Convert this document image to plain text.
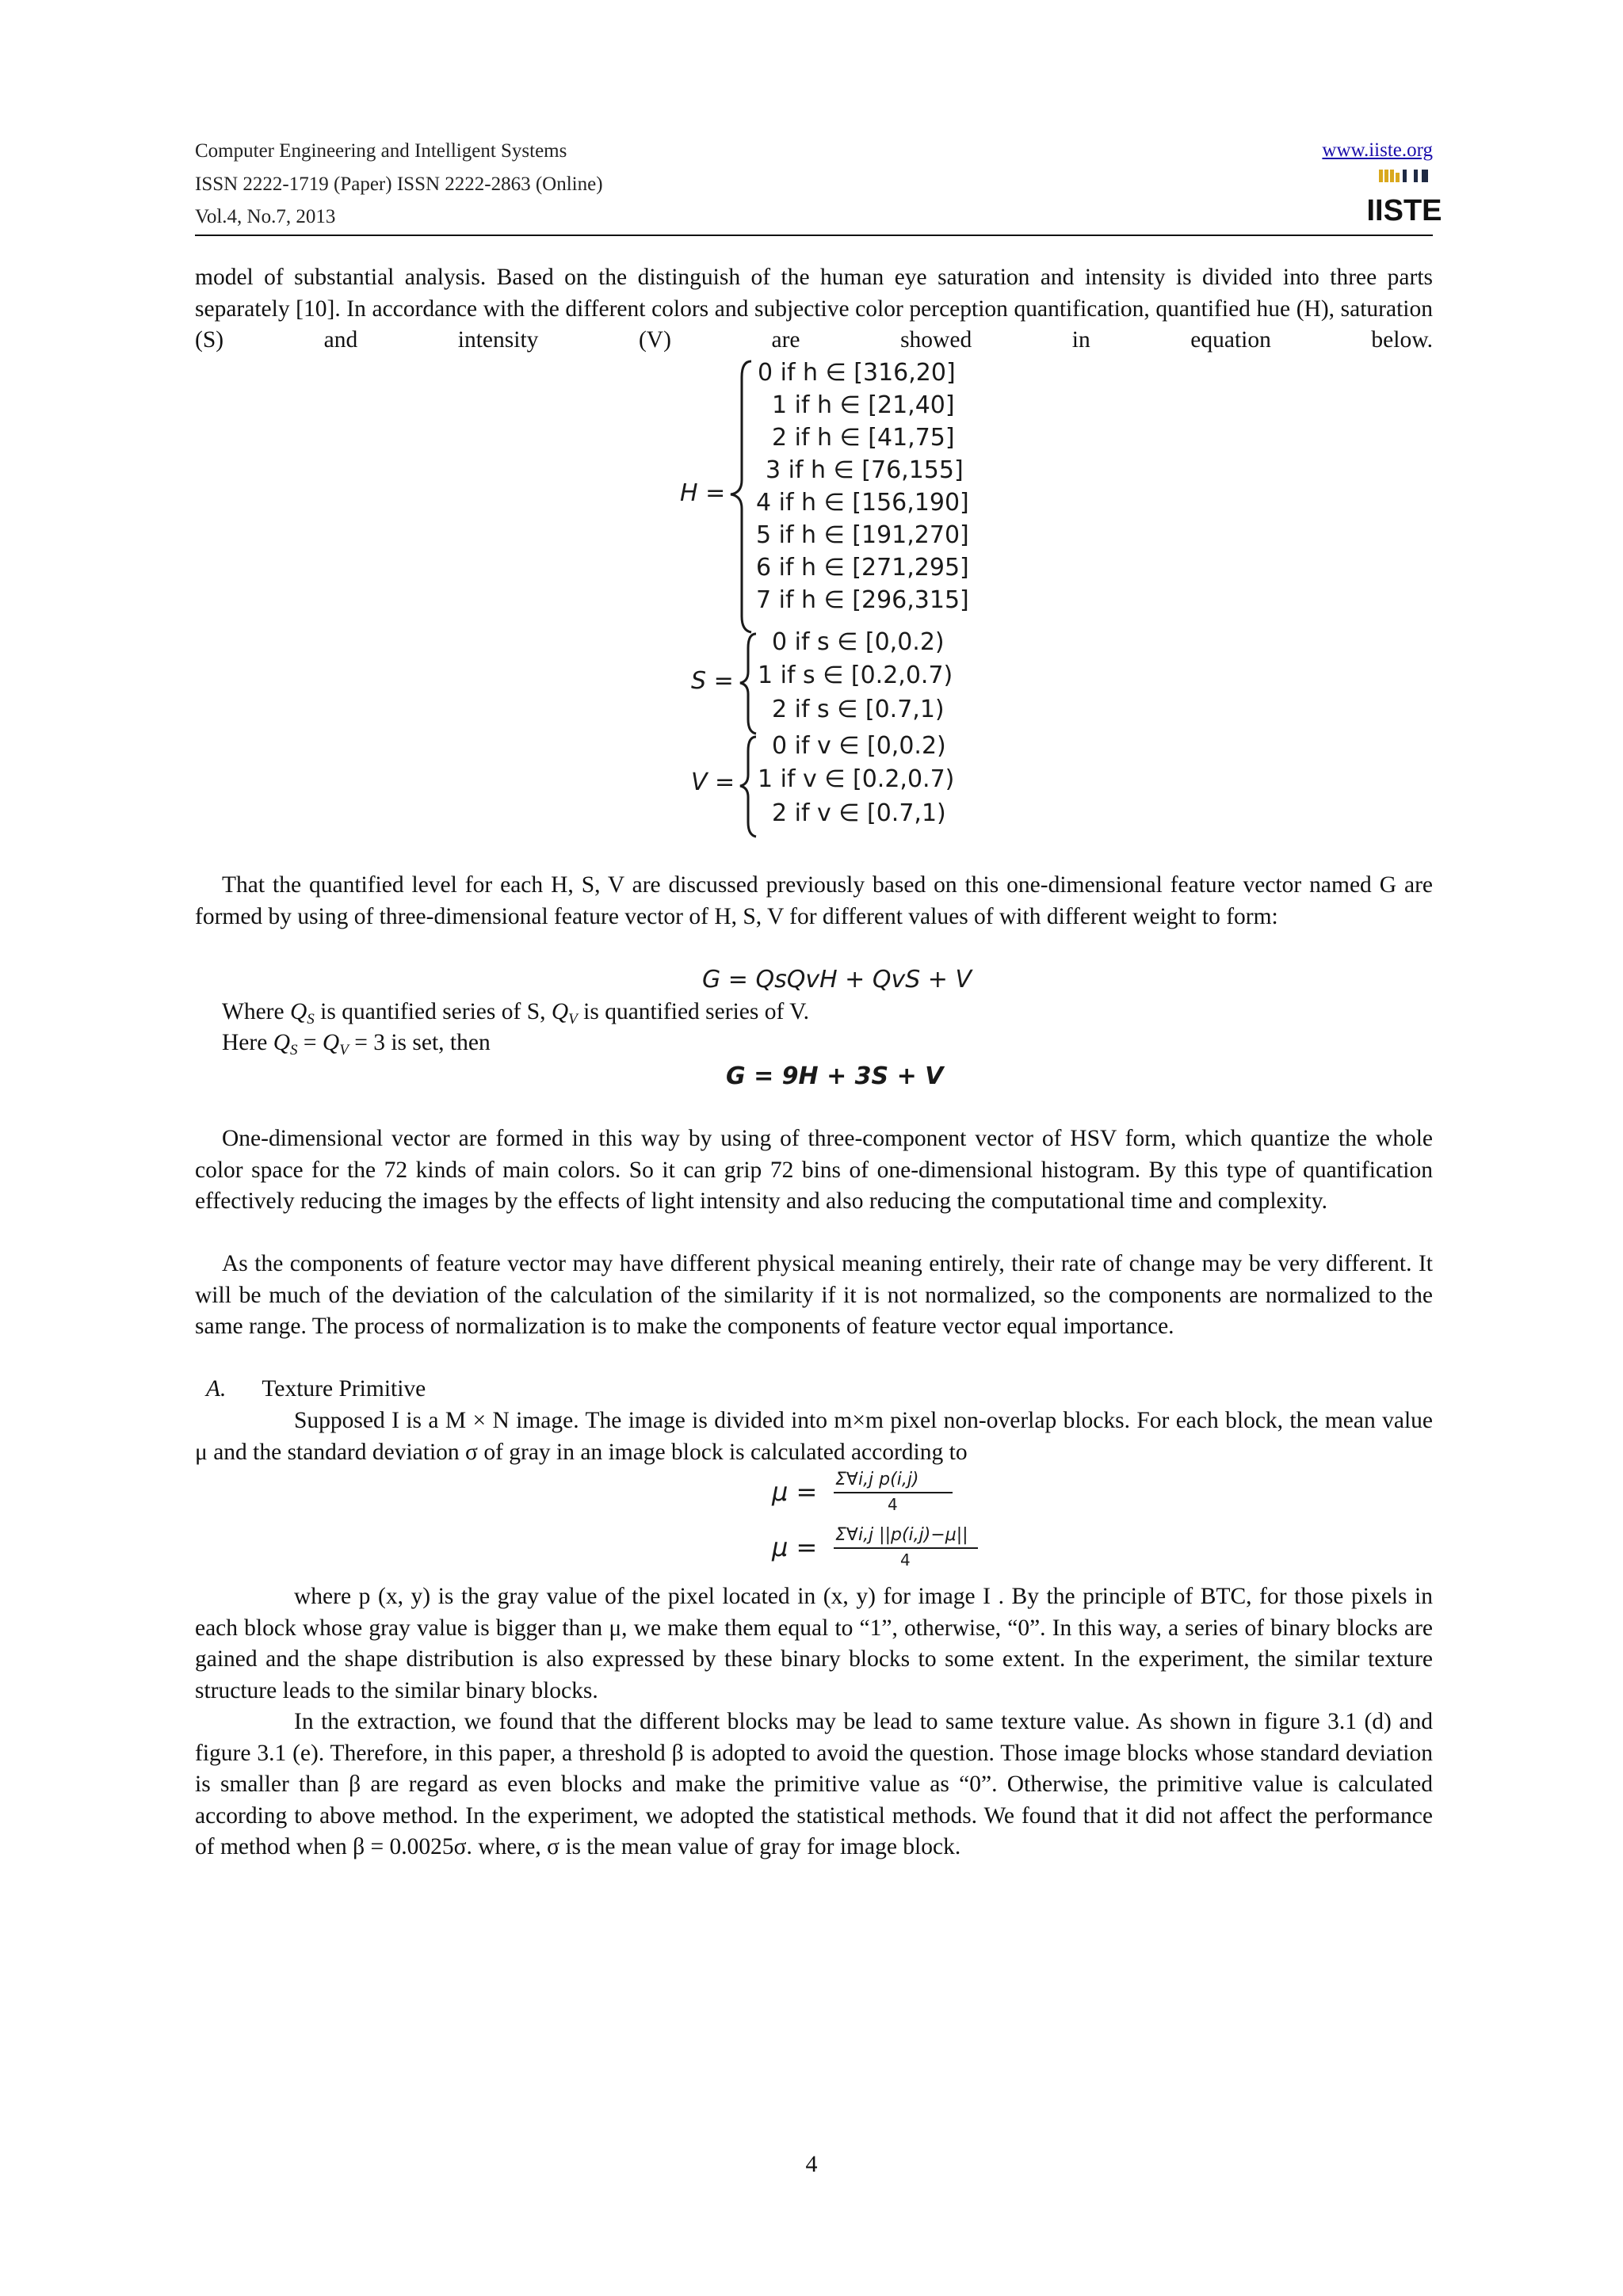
Computer Engineering and Intelligent Systems
ISSN 2222-1719 (Paper) ISSN 2222-2863 (Online)
Vol.4, No.7, 2013
www.iiste.org
IISTE
model of substantial analysis. Based on the distinguish of the human eye saturation and intensity is divided into three parts separately [10]. In accordance with the different colors and subjective color perception quantification, quantified hue (H), saturation (S) and intensity (V) are showed in equation below.
H =
0 if h ∈ [316,20]
1 if h ∈ [21,40]
2 if h ∈ [41,75]
3 if h ∈ [76,155]
4 if h ∈ [156,190]
5 if h ∈ [191,270]
6 if h ∈ [271,295]
7 if h ∈ [296,315]
S =
0 if s ∈ [0,0.2)
1 if s ∈ [0.2,0.7)
2 if s ∈ [0.7,1)
V =
0 if v ∈ [0,0.2)
1 if v ∈ [0.2,0.7)
2 if v ∈ [0.7,1)
That the quantified level for each H, S, V are discussed previously based on this one-dimensional feature vector named G are formed by using of three-dimensional feature vector of H, S, V for different values of with different weight to form:
G = QsQvH + QvS + V
Where $Q_S$ is quantified series of S, $Q_V$ is quantified series of V.
Here $Q_S = Q_V = 3$ is set, then
G = 9H + 3S + V
One-dimensional vector are formed in this way by using of three-component vector of HSV form, which quantize the whole color space for the 72 kinds of main colors. So it can grip 72 bins of one-dimensional histogram. By this type of quantification effectively reducing the images by the effects of light intensity and also reducing the computational time and complexity.
As the components of feature vector may have different physical meaning entirely, their rate of change may be very different. It will be much of the deviation of the calculation of the similarity if it is not normalized, so the components are normalized to the same range. The process of normalization is to make the components of feature vector equal importance.
A. Texture Primitive
Supposed I is a M × N image. The image is divided into m×m pixel non-overlap blocks. For each block, the mean value μ and the standard deviation σ of gray in an image block is calculated according to
μ = Σ∀i,j p(i,j)
4
μ = Σ∀i,j ||p(i,j)−μ||
4
where p (x, y) is the gray value of the pixel located in (x, y) for image I . By the principle of BTC, for those pixels in each block whose gray value is bigger than μ, we make them equal to “1”, otherwise, “0”. In this way, a series of binary blocks are gained and the shape distribution is also expressed by these binary blocks to some extent. In the experiment, the similar texture structure leads to the similar binary blocks.
In the extraction, we found that the different blocks may be lead to same texture value. As shown in figure 3.1 (d) and figure 3.1 (e). Therefore, in this paper, a threshold β is adopted to avoid the question. Those image blocks whose standard deviation is smaller than β are regard as even blocks and make the primitive value as “0”. Otherwise, the primitive value is calculated according to above method. In the experiment, we adopted the statistical methods. We found that it did not affect the performance of method when β = 0.0025σ. where, σ is the mean value of gray for image block.
4
